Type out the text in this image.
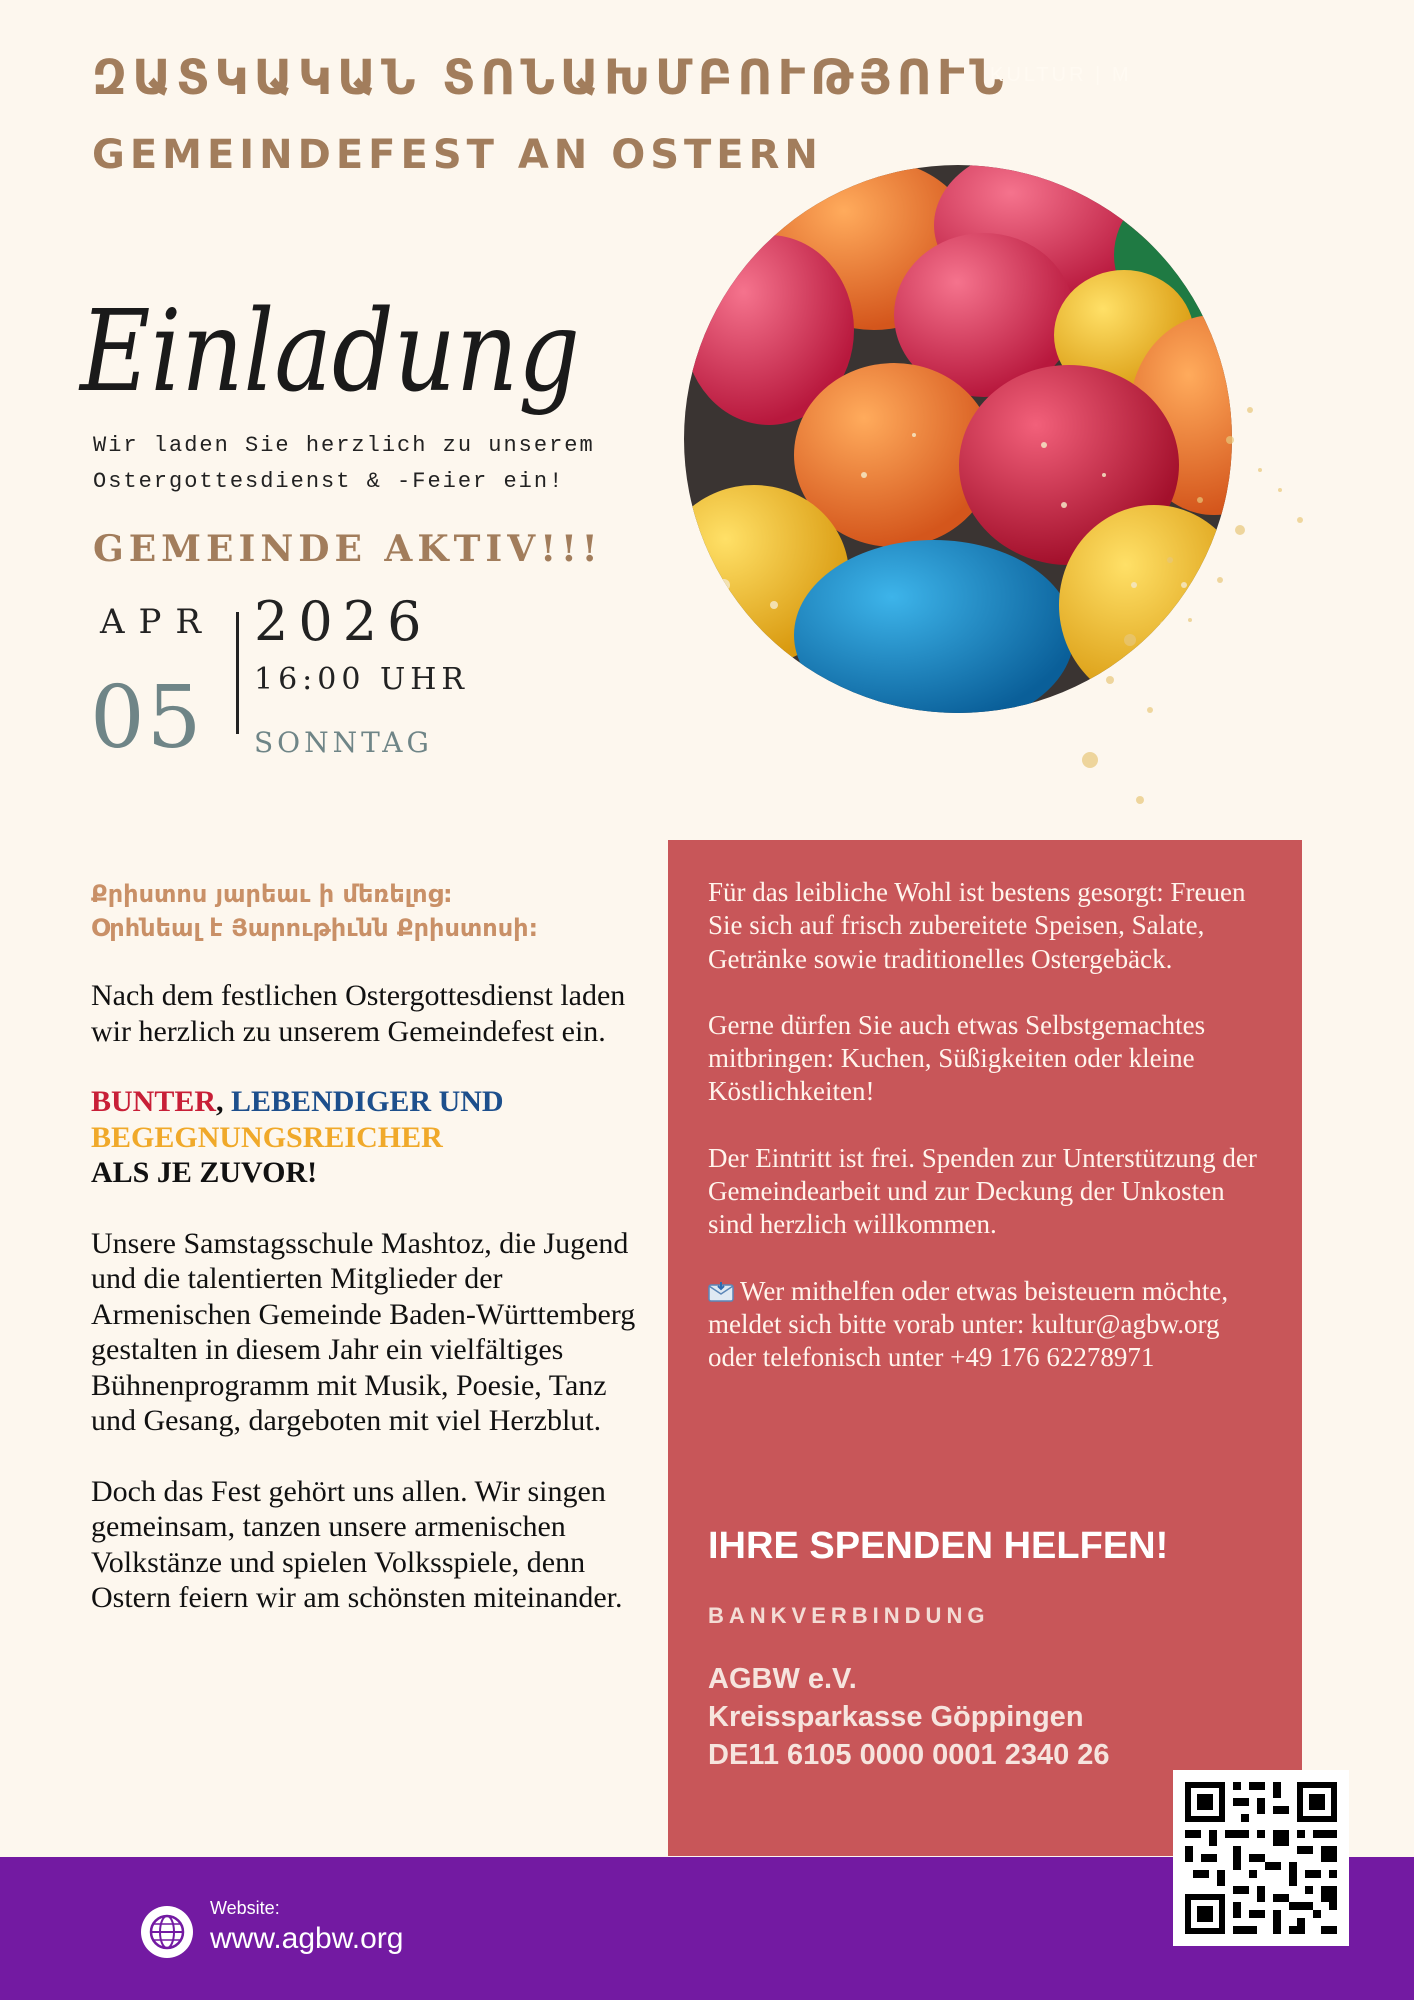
ԶԱՏԿԱԿԱՆ ՏՈՆԱԽՄԲՈՒԹՅՈՒՆ
KULTUR | M
GEMEINDEFEST AN OSTERN
Einladung
Wir laden Sie herzlich zu unserem
Ostergottesdienst & -Feier ein!
GEMEINDE AKTIV!!!
APR
05
2026
16:00 UHR
SONNTAG
Քրիստոս յարեաւ ի մեռելոց:
Օրհնեալ է Յարութիւնն Քրիստոսի:

Nach dem festlichen Ostergottesdienst laden wir herzlich zu unserem Gemeindefest ein.

BUNTER, LEBENDIGER UND
BEGEGNUNGSREICHER
ALS JE ZUVOR!

Unsere Samstagsschule Mashtoz, die Jugend und die talentierten Mitglieder der Armenischen Gemeinde Baden-Württemberg gestalten in diesem Jahr ein vielfältiges Bühnenprogramm mit Musik, Poesie, Tanz und Gesang, dargeboten mit viel Herzblut.

Doch das Fest gehört uns allen. Wir singen gemeinsam, tanzen unsere armenischen Volkstänze und spielen Volksspiele, denn Ostern feiern wir am schönsten miteinander.

Für das leibliche Wohl ist bestens gesorgt: Freuen Sie sich auf frisch zubereitete Speisen, Salate, Getränke sowie traditionelles Ostergebäck.

Gerne dürfen Sie auch etwas Selbstgemachtes mitbringen: Kuchen, Süßigkeiten oder kleine Köstlichkeiten!

Der Eintritt ist frei. Spenden zur Unterstützung der Gemeindearbeit und zur Deckung der Unkosten sind herzlich willkommen.

Wer mithelfen oder etwas beisteuern möchte, meldet sich bitte vorab unter: kultur@agbw.org oder telefonisch unter +49 176 62278971

IHRE SPENDEN HELFEN!
BANKVERBINDUNG
AGBW e.V.
Kreissparkasse Göppingen
DE11 6105 0000 0001 2340 26
Website:
www.agbw.org
